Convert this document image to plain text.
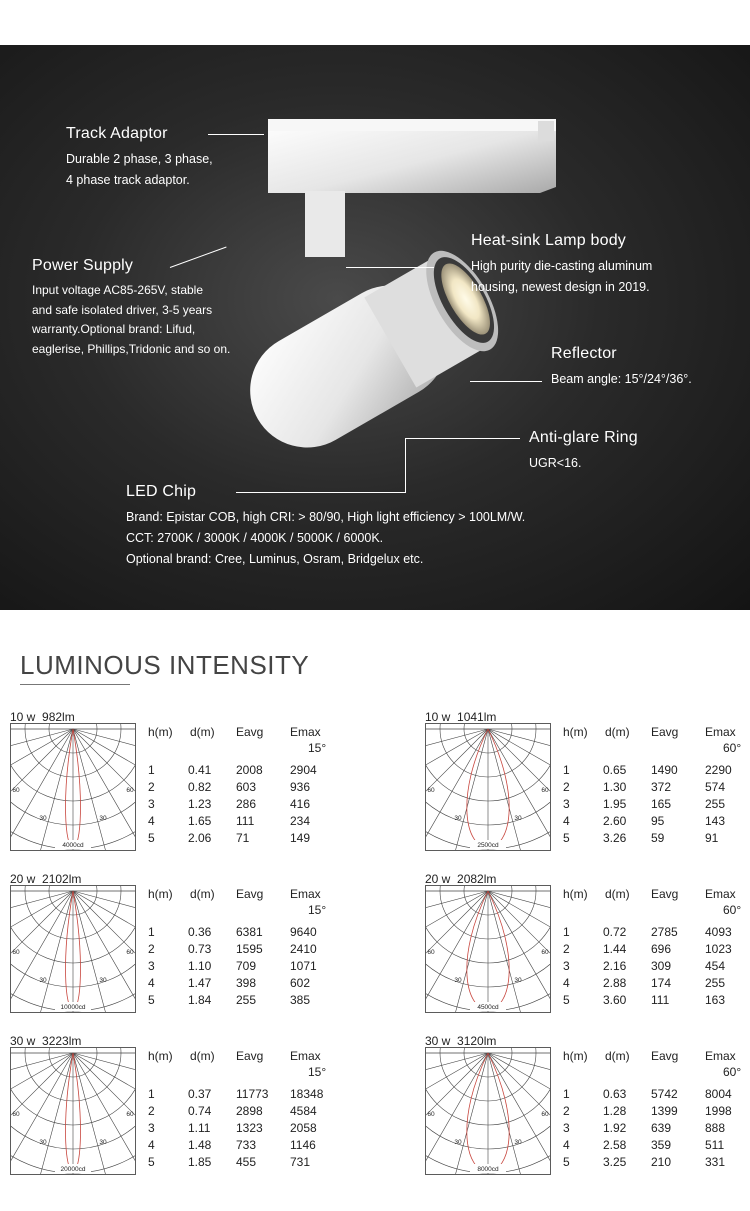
Track Adaptor
Durable 2 phase, 3 phase,
4 phase track adaptor.
Power Supply
Input voltage AC85-265V, stable
and safe isolated driver, 3-5 years
warranty.Optional brand: Lifud,
eaglerise, Phillips,Tridonic and so on.
Heat-sink Lamp body
High purity die-casting aluminum
housing, newest design in 2019.
Reflector
Beam angle: 15°/24°/36°.
Anti-glare Ring
UGR<16.
LED Chip
Brand: Epistar COB, high CRI: > 80/90, High light efficiency > 100LM/W.
CCT: 2700K / 3000K / 4000K / 5000K / 6000K.
Optional brand: Cree, Luminus, Osram, Bridgelux etc.
LUMINOUS INTENSITY
10 w  982lm
60	60
30	30
4000cd
h(m) d(m) Eavg Emax
15°
1	0.41 2008 2904
2	0.82 603	936
3	1.23 286	416
4	1.65 111	234
5	2.06 71	149
10 w  1041lm
60	60
30	30
2500cd
h(m) d(m) Eavg Emax
60°
1	0.65 1490 2290
2	1.30 372	574
3	1.95 165	255
4	2.60 95	143
5	3.26 59	91
20 w  2102lm
60	60
30	30
10000cd
h(m) d(m) Eavg Emax
15°
1	0.36 6381 9640
2	0.73 1595 2410
3	1.10 709	1071
4	1.47 398	602
5	1.84 255	385
20 w  2082lm
60	60
30	30
4500cd
h(m) d(m) Eavg Emax
60°
1	0.72 2785 4093
2	1.44 696	1023
3	2.16 309	454
4	2.88 174	255
5	3.60 111	163
30 w  3223lm
60	60
30	30
20000cd
h(m) d(m) Eavg Emax
15°
1	0.37 11773 18348
2	0.74 2898 4584
3	1.11 1323 2058
4	1.48 733	1146
5	1.85 455	731
30 w  3120lm
60	60
30	30
8000cd
h(m) d(m) Eavg Emax
60°
1	0.63 5742 8004
2	1.28 1399 1998
3	1.92 639	888
4	2.58 359	511
5	3.25 210	331
